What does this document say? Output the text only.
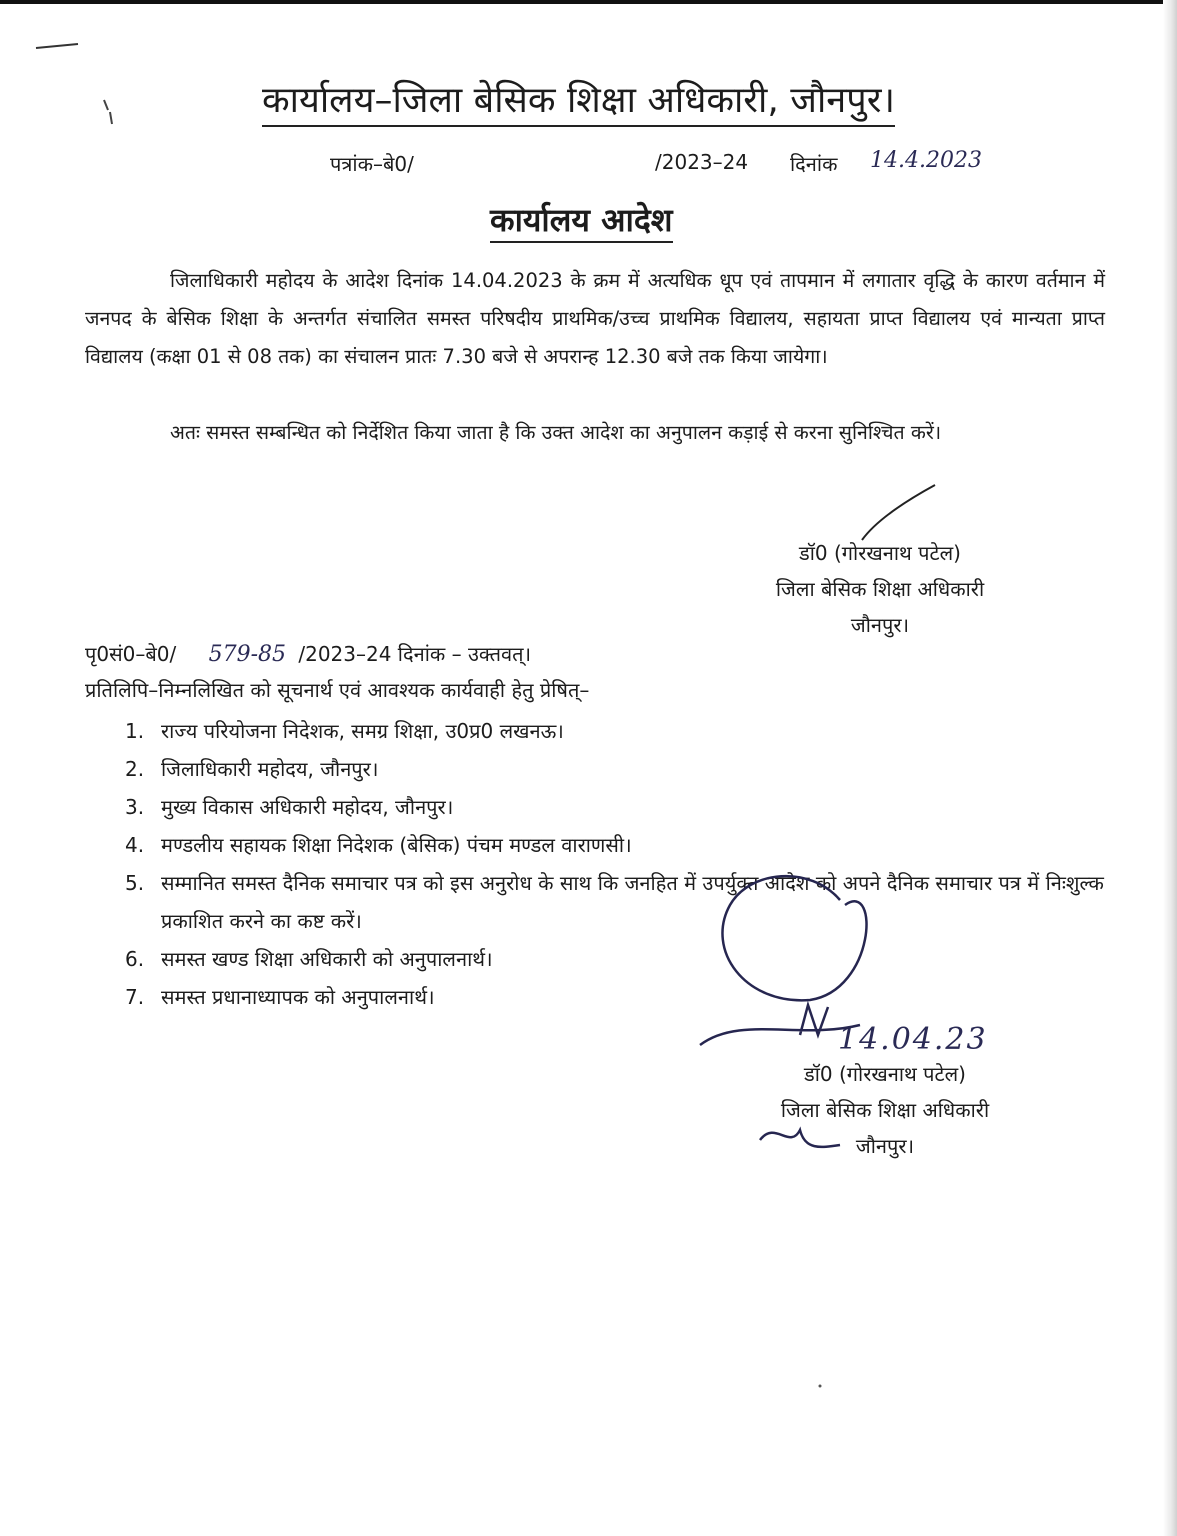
कार्यालय–जिला बेसिक शिक्षा अधिकारी, जौनपुर।
पत्रांक–बे0/	/2023–24 दिनांक 14.4.2023
कार्यालय आदेश

जिलाधिकारी महोदय के आदेश दिनांक 14.04.2023 के क्रम में अत्यधिक धूप एवं तापमान में लगातार वृद्धि के कारण वर्तमान में जनपद के बेसिक शिक्षा के अन्तर्गत संचालित समस्त परिषदीय प्राथमिक/उच्च प्राथमिक विद्यालय, सहायता प्राप्त विद्यालय एवं मान्यता प्राप्त विद्यालय (कक्षा 01 से 08 तक) का संचालन प्रातः 7.30 बजे से अपरान्ह 12.30 बजे तक किया जायेगा।

अतः समस्त सम्बन्धित को निर्देशित किया जाता है कि उक्त आदेश का अनुपालन कड़ाई से करना सुनिश्चित करें।

डॉ0 (गोरखनाथ पटेल)
जिला बेसिक शिक्षा अधिकारी
जौनपुर।
पृ0सं0–बे0/ 579-85 /2023–24 दिनांक – उक्तवत्।
प्रतिलिपि–निम्नलिखित को सूचनार्थ एवं आवश्यक कार्यवाही हेतु प्रेषित्–
1. राज्य परियोजना निदेशक, समग्र शिक्षा, उ0प्र0 लखनऊ।
2. जिलाधिकारी महोदय, जौनपुर।
3. मुख्य विकास अधिकारी महोदय, जौनपुर।
4. मण्डलीय सहायक शिक्षा निदेशक (बेसिक) पंचम मण्डल वाराणसी।
5. सम्मानित समस्त दैनिक समाचार पत्र को इस अनुरोध के साथ कि जनहित में उपर्युक्त आदेश को अपने दैनिक समाचार पत्र में निःशुल्क प्रकाशित करने का कष्ट करें।
6. समस्त खण्ड शिक्षा अधिकारी को अनुपालनार्थ।
7. समस्त प्रधानाध्यापक को अनुपालनार्थ।
14.04.23
डॉ0 (गोरखनाथ पटेल)
जिला बेसिक शिक्षा अधिकारी
जौनपुर।
